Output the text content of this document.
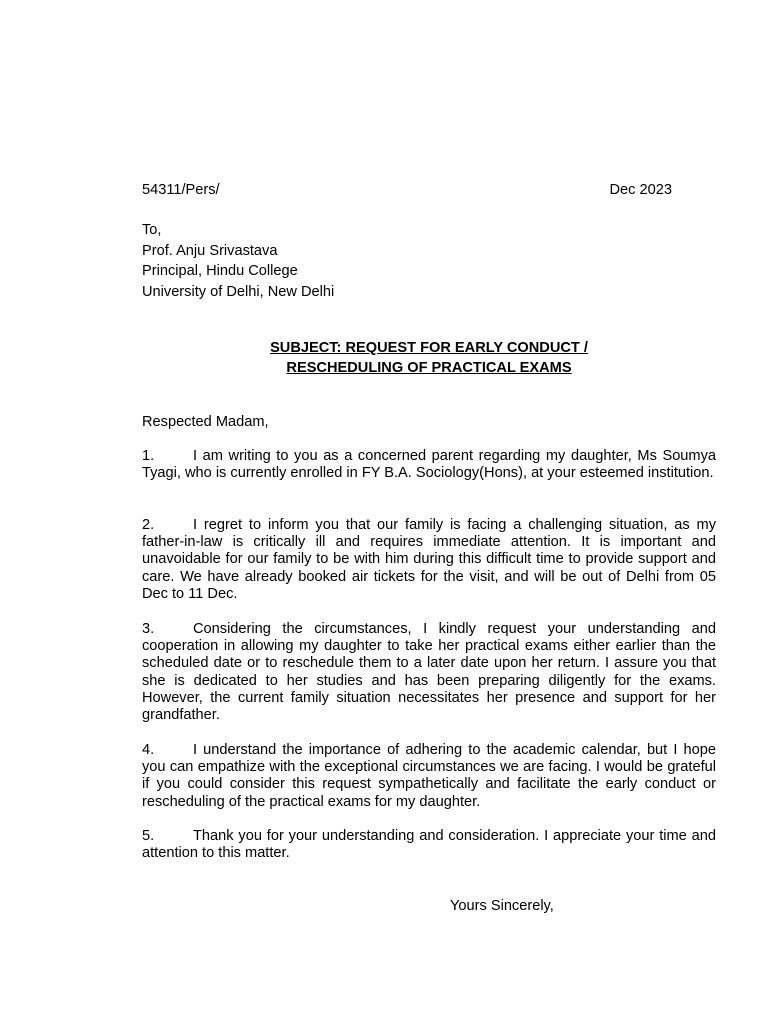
54311/Pers/	Dec 2023
To,
Prof. Anju Srivastava
Principal, Hindu College
University of Delhi, New Delhi
SUBJECT: REQUEST FOR EARLY CONDUCT /
RESCHEDULING OF PRACTICAL EXAMS
Respected Madam,
1.	I am writing to you as a concerned parent regarding my daughter, Ms Soumya Tyagi, who is currently enrolled in FY B.A. Sociology(Hons), at your esteemed institution.
2.	I regret to inform you that our family is facing a challenging situation, as my father-in-law is critically ill and requires immediate attention. It is important and unavoidable for our family to be with him during this difficult time to provide support and care. We have already booked air tickets for the visit, and will be out of Delhi from 05 Dec to 11 Dec.
3.	Considering the circumstances, I kindly request your understanding and cooperation in allowing my daughter to take her practical exams either earlier than the scheduled date or to reschedule them to a later date upon her return. I assure you that she is dedicated to her studies and has been preparing diligently for the exams. However, the current family situation necessitates her presence and support for her grandfather.
4.	I understand the importance of adhering to the academic calendar, but I hope you can empathize with the exceptional circumstances we are facing. I would be grateful if you could consider this request sympathetically and facilitate the early conduct or rescheduling of the practical exams for my daughter.
5.	Thank you for your understanding and consideration. I appreciate your time and attention to this matter.
Yours Sincerely,
